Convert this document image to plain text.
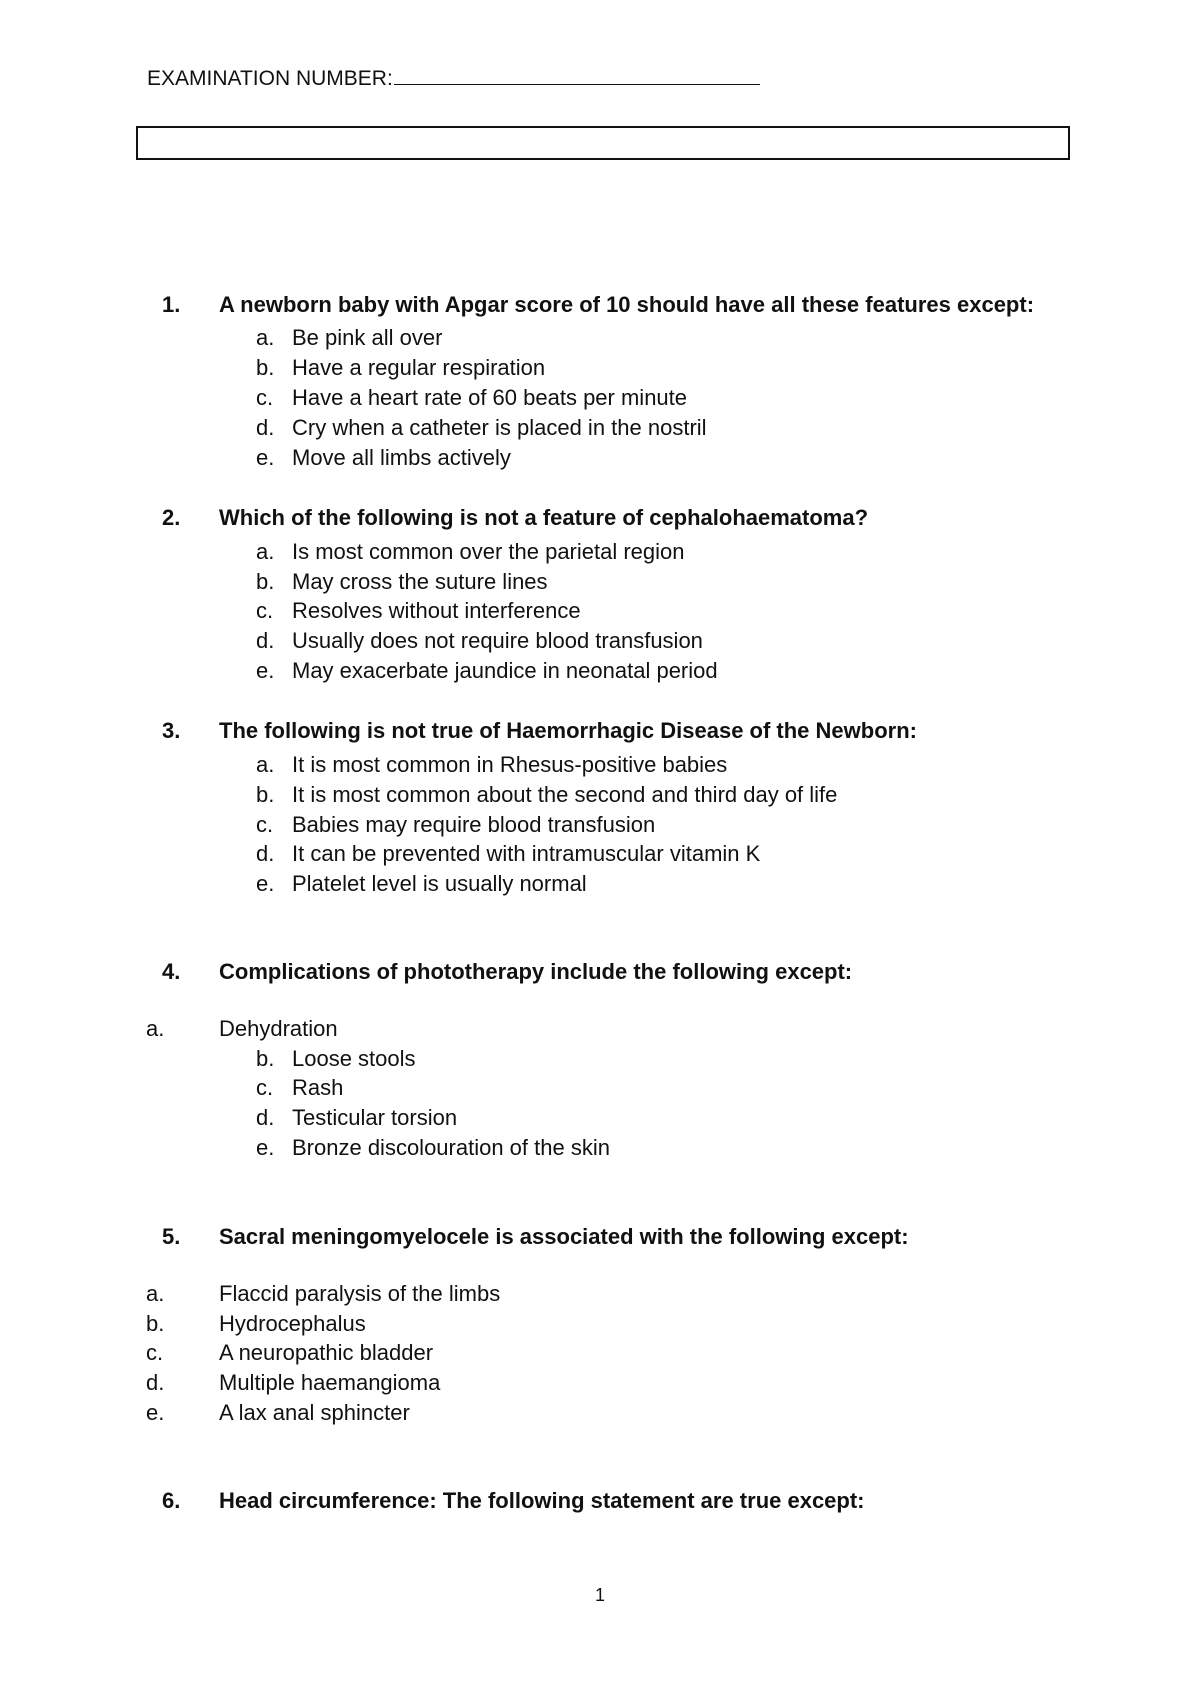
EXAMINATION NUMBER:
1. A newborn baby with Apgar score of 10 should have all these features except:
a. Be pink all over
b. Have a regular respiration
c. Have a heart rate of 60 beats per minute
d. Cry when a catheter is placed in the nostril
e. Move all limbs actively
2. Which of the following is not a feature of cephalohaematoma?
a. Is most common over the parietal region
b. May cross the suture lines
c. Resolves without interference
d. Usually does not require blood transfusion
e. May exacerbate jaundice in neonatal period
3. The following is not true of Haemorrhagic Disease of the Newborn:
a. It is most common in Rhesus-positive babies
b. It is most common about the second and third day of life
c. Babies may require blood transfusion
d. It can be prevented with intramuscular vitamin K
e. Platelet level is usually normal
4. Complications of phototherapy include the following except:
a. Dehydration
b. Loose stools
c. Rash
d. Testicular torsion
e. Bronze discolouration of the skin
5. Sacral meningomyelocele is associated with the following except:
a. Flaccid paralysis of the limbs
b. Hydrocephalus
c.	A neuropathic bladder
d. Multiple haemangioma
e. A lax anal sphincter
6. Head circumference: The following statement are true except:
1
